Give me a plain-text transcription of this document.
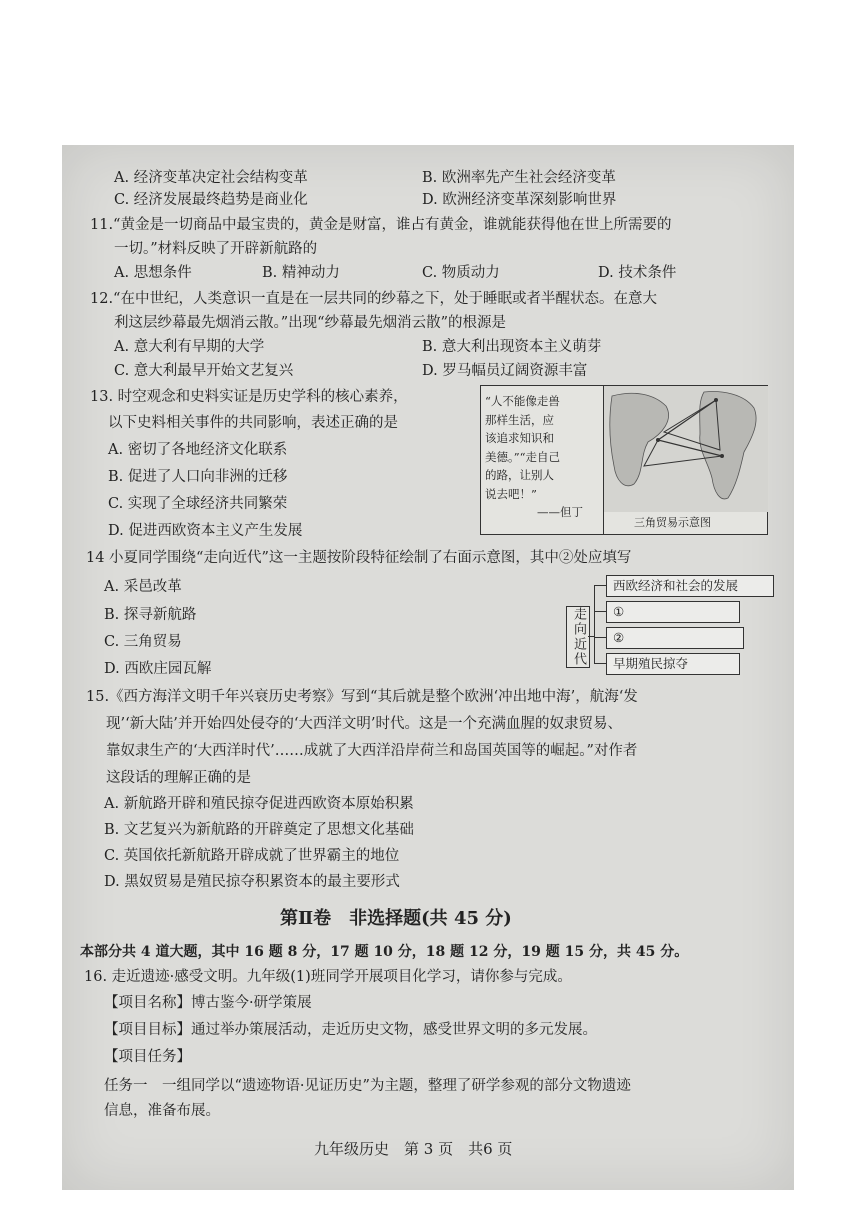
A. 经济变革决定社会结构变革	B. 欧洲率先产生社会经济变革
C. 经济发展最终趋势是商业化	D. 欧洲经济变革深刻影响世界
11.“黄金是一切商品中最宝贵的，黄金是财富，谁占有黄金，谁就能获得他在世上所需要的
一切。”材料反映了开辟新航路的
A. 思想条件	B. 精神动力	C. 物质动力	D. 技术条件
12.“在中世纪，人类意识一直是在一层共同的纱幕之下，处于睡眠或者半醒状态。在意大
利这层纱幕最先烟消云散。”出现“纱幕最先烟消云散”的根源是
A. 意大利有早期的大学	B. 意大利出现资本主义萌芽
C. 意大利最早开始文艺复兴	D. 罗马幅员辽阔资源丰富
13. 时空观念和史料实证是历史学科的核心素养，
以下史料相关事件的共同影响，表述正确的是
A. 密切了各地经济文化联系
B. 促进了人口向非洲的迁移
C. 实现了全球经济共同繁荣
D. 促进西欧资本主义产生发展
“人不能像走兽那样生活，应该追求知识和美德。”“走自己的路，让别人说去吧！”
——但丁
三角贸易示意图
14 小夏同学围绕“走向近代”这一主题按阶段特征绘制了右面示意图，其中②处应填写
A. 采邑改革
B. 探寻新航路
C. 三角贸易
D. 西欧庄园瓦解
走向近代
西欧经济和社会的发展
①
②
早期殖民掠夺
15.《西方海洋文明千年兴衰历史考察》写到“其后就是整个欧洲‘冲出地中海’，航海‘发
现’‘新大陆’并开始四处侵夺的‘大西洋文明’时代。这是一个充满血腥的奴隶贸易、
靠奴隶生产的‘大西洋时代’……成就了大西洋沿岸荷兰和岛国英国等的崛起。”对作者
这段话的理解正确的是
A. 新航路开辟和殖民掠夺促进西欧资本原始积累
B. 文艺复兴为新航路的开辟奠定了思想文化基础
C. 英国依托新航路开辟成就了世界霸主的地位
D. 黑奴贸易是殖民掠夺积累资本的最主要形式
第Ⅱ卷　非选择题(共 45 分)
本部分共 4 道大题，其中 16 题 8 分，17 题 10 分，18 题 12 分，19 题 15 分，共 45 分。
16. 走近遗迹·感受文明。九年级(1)班同学开展项目化学习，请你参与完成。
【项目名称】博古鉴今·研学策展
【项目目标】通过举办策展活动，走近历史文物，感受世界文明的多元发展。
【项目任务】
任务一　一组同学以“遗迹物语·见证历史”为主题，整理了研学参观的部分文物遗迹
信息，准备布展。
九年级历史　第 3 页　共6 页
